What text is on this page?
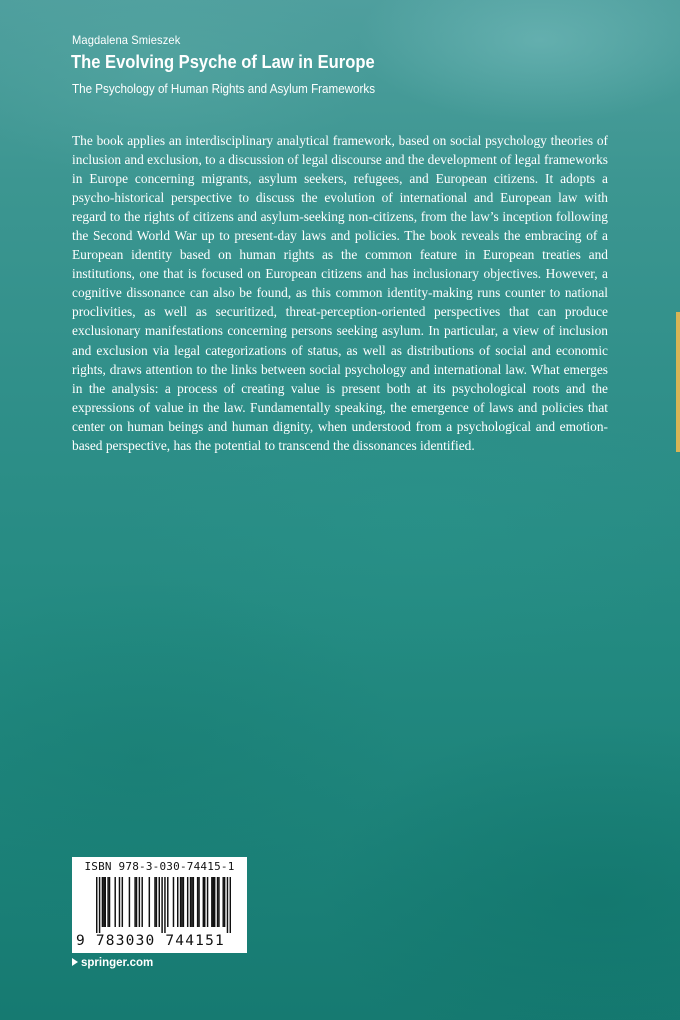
Magdalena Smieszek
The Evolving Psyche of Law in Europe
The Psychology of Human Rights and Asylum Frameworks

The book applies an interdisciplinary analytical framework, based on social psychology theories of inclusion and exclusion, to a discussion of legal discourse and the development of legal frameworks in Europe concerning migrants, asylum seekers, refugees, and European citizens. It adopts a psycho-historical perspective to discuss the evolution of international and European law with regard to the rights of citizens and asylum-seeking non-citizens, from the law’s inception following the Second World War up to present-day laws and policies. The book reveals the embracing of a European identity based on human rights as the common feature in European treaties and institutions, one that is focused on European citizens and has inclusionary objectives. However, a cognitive dissonance can also be found, as this common identity-making runs counter to national proclivities, as well as securitized, threat-perception-oriented perspectives that can produce exclusionary manifestations concerning persons seeking asylum. In particular, a view of inclusion and exclusion via legal categorizations of status, as well as distributions of social and economic rights, draws attention to the links between social psychology and international law. What emerges in the analysis: a process of creating value is present both at its psychological roots and the expressions of value in the law. Fundamentally speaking, the emergence of laws and policies that center on human beings and human dignity, when understood from a psychological and emotion-based perspective, has the potential to transcend the dissonances identified.

ISBN 978-3-030-74415-1
9 783030 744151
springer.com
